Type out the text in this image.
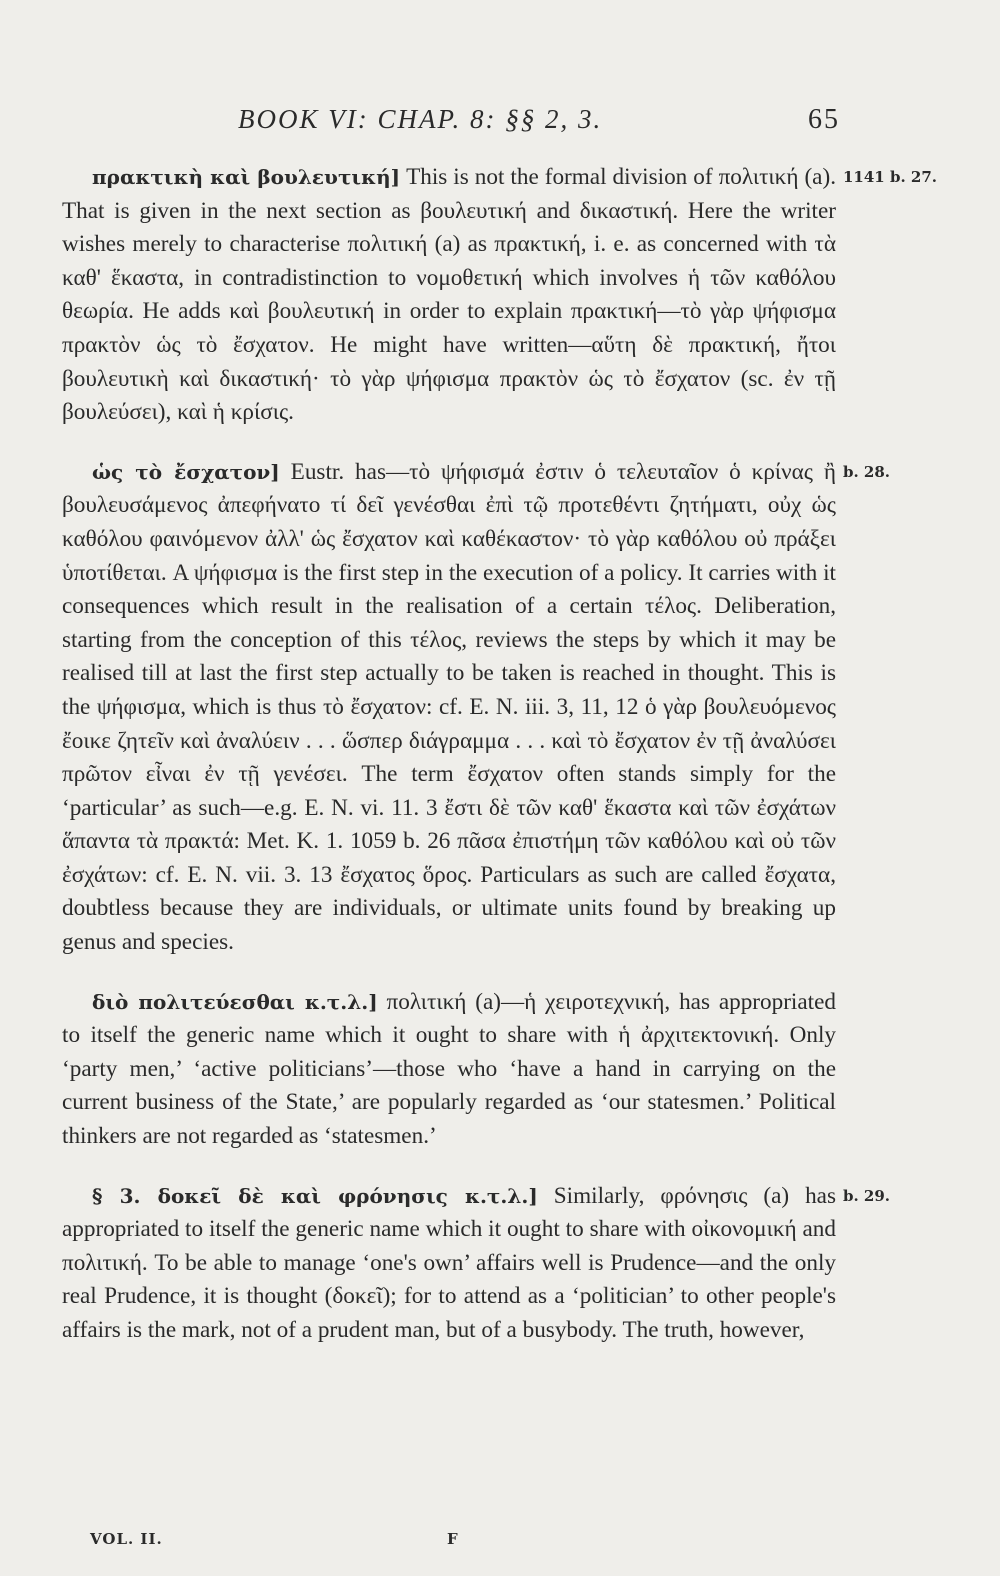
BOOK VI: CHAP. 8: §§ 2, 3.	65

1141 b. 27.
πρακτικὴ καὶ βουλευτική] This is not the formal division of πολιτική (a). That is given in the next section as βουλευτική and δικαστική. Here the writer wishes merely to characterise πολιτική (a) as πρακτική, i. e. as concerned with τὰ καθ' ἕκαστα, in contradistinction to νομοθετική which involves ἡ τῶν καθόλου θεωρία. He adds καὶ βουλευτική in order to explain πρακτική—τὸ γὰρ ψήφισμα πρακτὸν ὡς τὸ ἔσχατον. He might have written—αὕτη δὲ πρακτική, ἤτοι βουλευτικὴ καὶ δικαστική· τὸ γὰρ ψήφισμα πρακτὸν ὡς τὸ ἔσχατον (sc. ἐν τῇ βουλεύσει), καὶ ἡ κρίσις.

b. 28.
ὡς τὸ ἔσχατον] Eustr. has—τὸ ψήφισμά ἐστιν ὁ τελευταῖον ὁ κρίνας ἢ βουλευσάμενος ἀπεφήνατο τί δεῖ γενέσθαι ἐπὶ τῷ προτεθέντι ζητήματι, οὐχ ὡς καθόλου φαινόμενον ἀλλ' ὡς ἔσχατον καὶ καθέκαστον· τὸ γὰρ καθόλου οὐ πράξει ὑποτίθεται. A ψήφισμα is the first step in the execution of a policy. It carries with it consequences which result in the realisation of a certain τέλος. Deliberation, starting from the conception of this τέλος, reviews the steps by which it may be realised till at last the first step actually to be taken is reached in thought. This is the ψήφισμα, which is thus τὸ ἔσχατον: cf. E. N. iii. 3, 11, 12 ὁ γὰρ βουλευόμενος ἔοικε ζητεῖν καὶ ἀναλύειν . . . ὥσπερ διάγραμμα . . . καὶ τὸ ἔσχατον ἐν τῇ ἀναλύσει πρῶτον εἶναι ἐν τῇ γενέσει. The term ἔσχατον often stands simply for the ‘particular’ as such—e.g. E. N. vi. 11. 3 ἔστι δὲ τῶν καθ' ἕκαστα καὶ τῶν ἐσχάτων ἅπαντα τὰ πρακτά: Met. K. 1. 1059 b. 26 πᾶσα ἐπιστήμη τῶν καθόλου καὶ οὐ τῶν ἐσχάτων: cf. E. N. vii. 3. 13 ἔσχατος ὅρος. Particulars as such are called ἔσχατα, doubtless because they are individuals, or ultimate units found by breaking up genus and species.

διὸ πολιτεύεσθαι κ.τ.λ.] πολιτική (a)—ἡ χειροτεχνική, has appropriated to itself the generic name which it ought to share with ἡ ἀρχιτεκτονική. Only ‘party men,’ ‘active politicians’—those who ‘have a hand in carrying on the current business of the State,’ are popularly regarded as ‘our statesmen.’ Political thinkers are not regarded as ‘statesmen.’

b. 29.
§ 3. δοκεῖ δὲ καὶ φρόνησις κ.τ.λ.] Similarly, φρόνησις (a) has appropriated to itself the generic name which it ought to share with οἰκονομική and πολιτική. To be able to manage ‘one's own’ affairs well is Prudence—and the only real Prudence, it is thought (δοκεῖ); for to attend as a ‘politician’ to other people's affairs is the mark, not of a prudent man, but of a busybody. The truth, however,

VOL. II.	F
